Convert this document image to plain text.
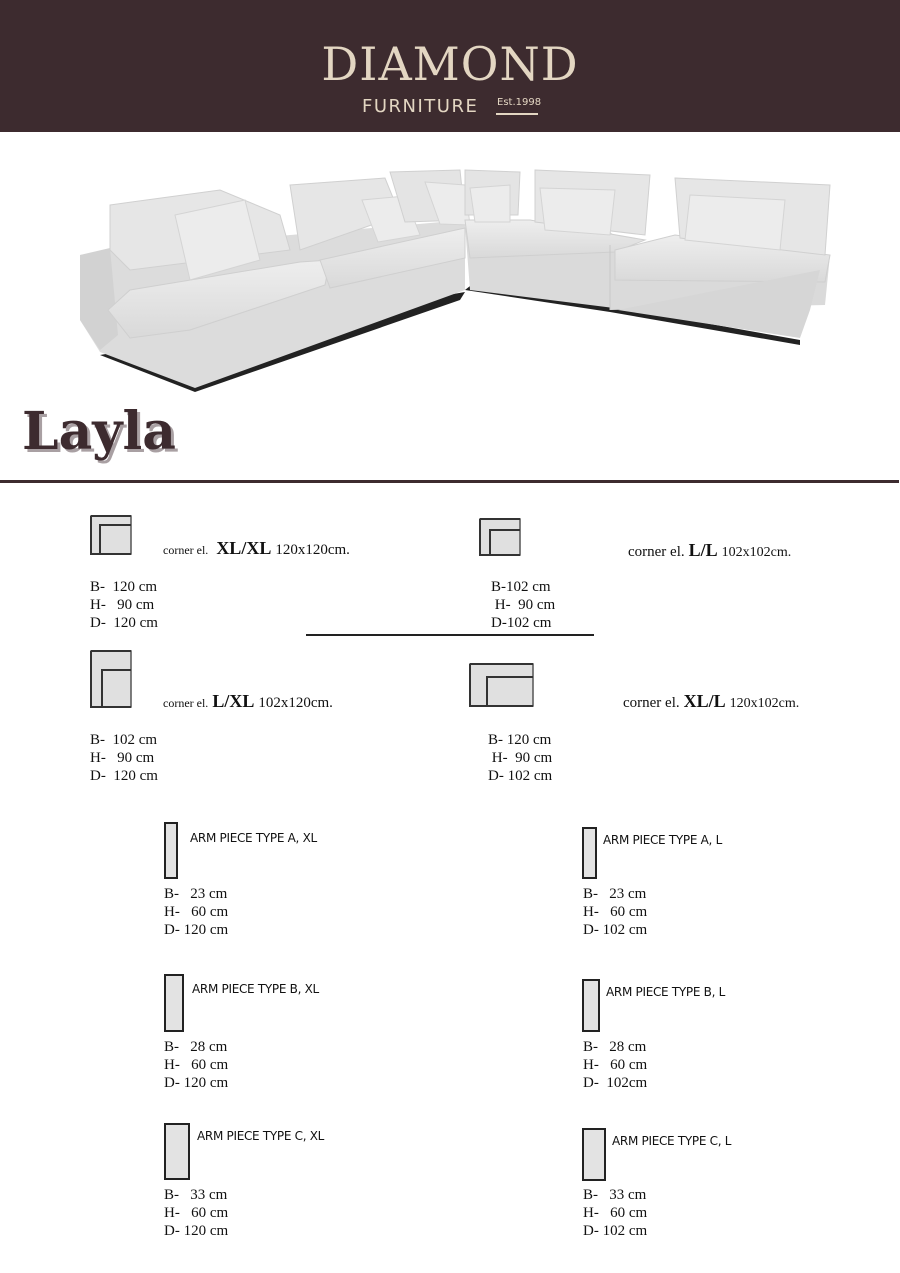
DIAMOND
FURNITURE Est.1998
Layla
corner el. XL/XL 120x120cm.
B-  120 cm
H-   90 cm
D-  120 cm
corner el. L/L 102x102cm.
B-102 cm
H-  90 cm
D-102 cm
corner el. L/XL 102x120cm.
B-  102 cm
H-   90 cm
D-  120 cm
corner el. XL/L 120x102cm.
B- 120 cm
H-  90 cm
D- 102 cm
ARM PIECE TYPE A, XL
B-   23 cm
H-   60 cm
D- 120 cm
ARM PIECE TYPE A, L
B-   23 cm
H-   60 cm
D- 102 cm
ARM PIECE TYPE B, XL
B-   28 cm
H-   60 cm
D- 120 cm
ARM PIECE TYPE B, L
B-   28 cm
H-   60 cm
D-  102cm
ARM PIECE TYPE C, XL
B-   33 cm
H-   60 cm
D- 120 cm
ARM PIECE TYPE C, L
B-   33 cm
H-   60 cm
D- 102 cm
